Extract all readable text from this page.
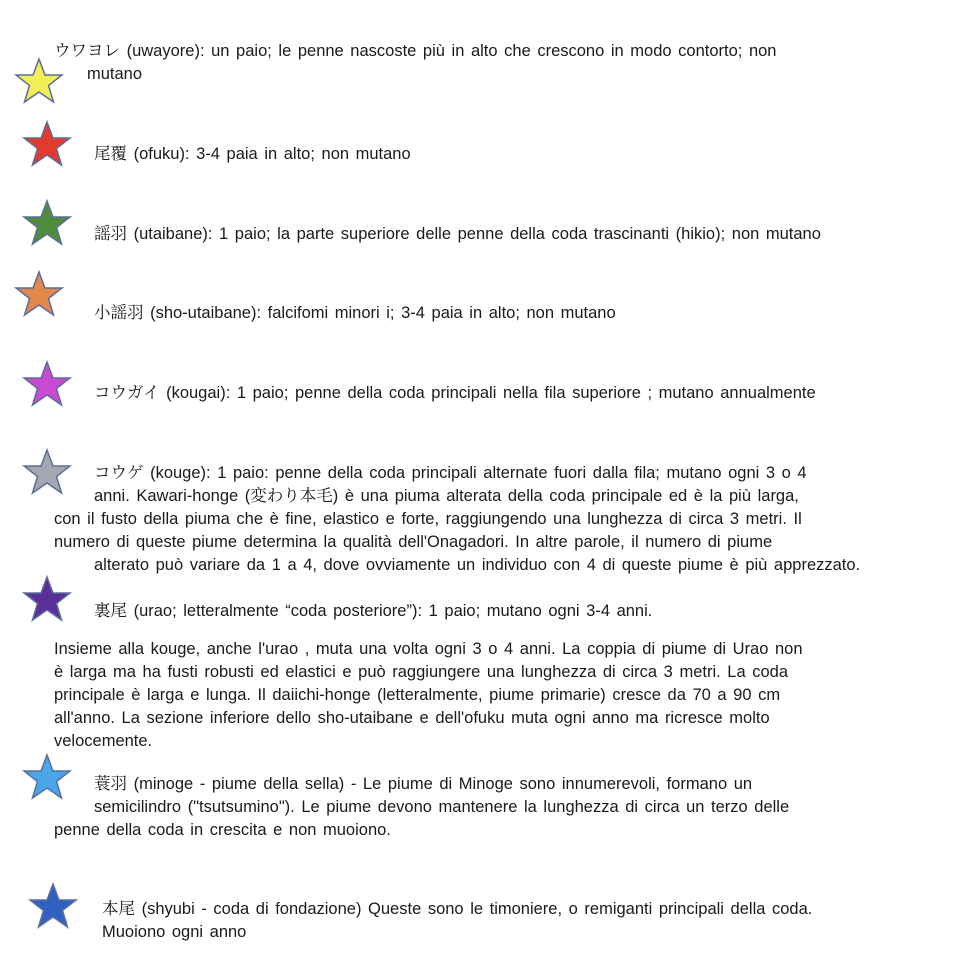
ウワヨレ (uwayore): un paio; le penne nascoste più in alto che crescono in modo contorto; non
mutano
尾覆 (ofuku): 3-4 paia in alto; non mutano
謡羽 (utaibane): 1 paio; la parte superiore delle penne della coda trascinanti (hikio); non mutano
小謡羽 (sho-utaibane): falcifomi minori i; 3-4 paia in alto; non mutano
コウガイ (kougai): 1 paio; penne della coda principali nella fila superiore ; mutano annualmente
コウゲ (kouge): 1 paio: penne della coda principali alternate fuori dalla fila; mutano ogni 3 o 4
anni. Kawari-honge (変わり本毛) è una piuma alterata della coda principale ed è la più larga,
con il fusto della piuma che è fine, elastico e forte, raggiungendo una lunghezza di circa 3 metri. Il
numero di queste piume determina la qualità dell'Onagadori. In altre parole, il numero di piume
alterato può variare da 1 a 4, dove ovviamente un individuo con 4 di queste piume è più apprezzato.
裏尾 (urao; letteralmente “coda posteriore”): 1 paio; mutano ogni 3-4 anni.
Insieme alla kouge, anche l'urao , muta una volta ogni 3 o 4 anni. La coppia di piume di Urao non
è larga ma ha fusti robusti ed elastici e può raggiungere una lunghezza di circa 3 metri. La coda
principale è larga e lunga. Il daiichi-honge (letteralmente, piume primarie) cresce da 70 a 90 cm
all'anno. La sezione inferiore dello sho-utaibane e dell'ofuku muta ogni anno ma ricresce molto
velocemente.
蓑羽 (minoge - piume della sella) - Le piume di Minoge sono innumerevoli, formano un
semicilindro ("tsutsumino"). Le piume devono mantenere la lunghezza di circa un terzo delle
penne della coda in crescita e non muoiono.
本尾 (shyubi - coda di fondazione) Queste sono le timoniere, o remiganti principali della coda.
Muoiono ogni anno
